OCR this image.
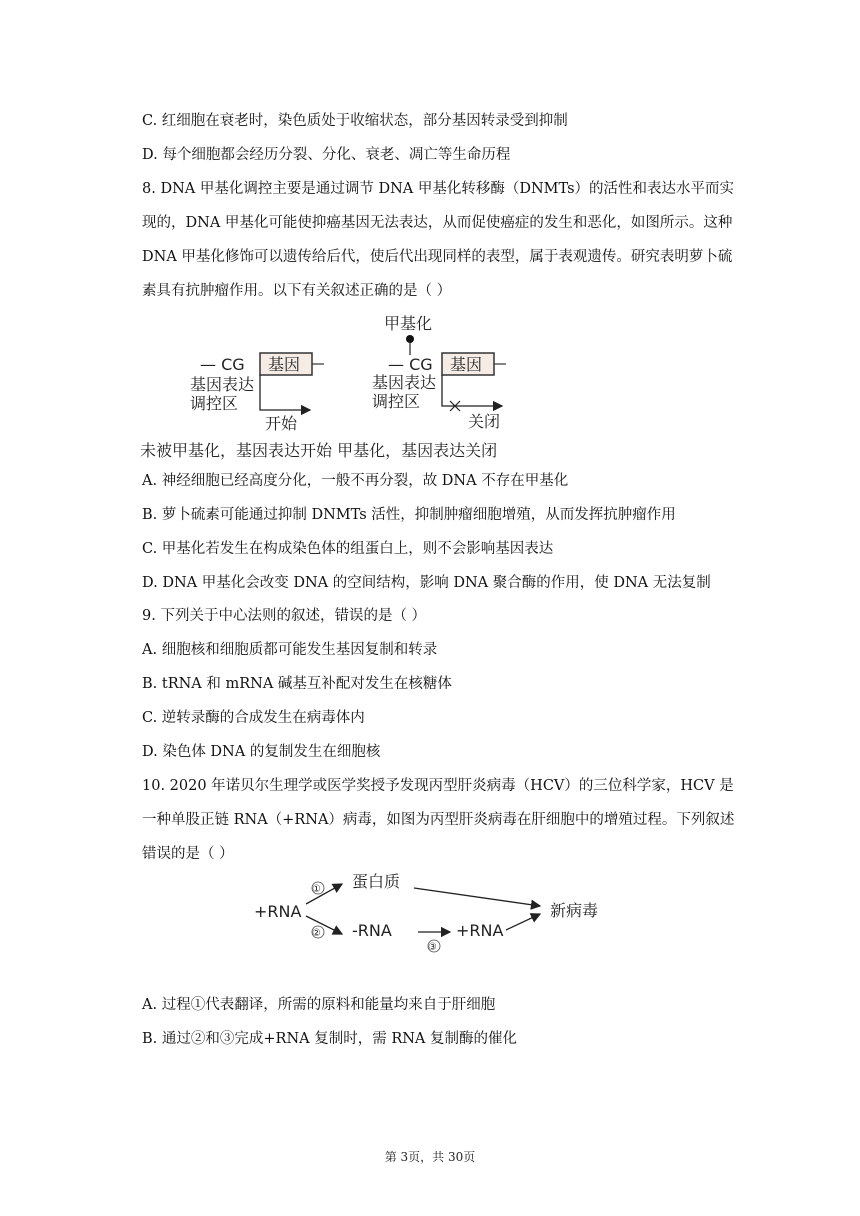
C. 红细胞在衰老时，染色质处于收缩状态，部分基因转录受到抑制
D. 每个细胞都会经历分裂、分化、衰老、凋亡等生命历程
8. DNA 甲基化调控主要是通过调节 DNA 甲基化转移酶（DNMTs）的活性和表达水平而实
现的，DNA 甲基化可能使抑癌基因无法表达，从而促使癌症的发生和恶化，如图所示。这种
DNA 甲基化修饰可以遗传给后代，使后代出现同样的表型，属于表观遗传。研究表明萝卜硫
素具有抗肿瘤作用。以下有关叙述正确的是（ ）
— CG 基因
基因表达
调控区
开始
甲基化
— CG 基因
基因表达
调控区
关闭
未被甲基化，基因表达开始 甲基化，基因表达关闭
A. 神经细胞已经高度分化，一般不再分裂，故 DNA 不存在甲基化
B. 萝卜硫素可能通过抑制 DNMTs 活性，抑制肿瘤细胞增殖，从而发挥抗肿瘤作用
C. 甲基化若发生在构成染色体的组蛋白上，则不会影响基因表达
D. DNA 甲基化会改变 DNA 的空间结构，影响 DNA 聚合酶的作用，使 DNA 无法复制
9. 下列关于中心法则的叙述，错误的是（ ）
A. 细胞核和细胞质都可能发生基因复制和转录
B. tRNA 和 mRNA 碱基互补配对发生在核糖体
C. 逆转录酶的合成发生在病毒体内
D. 染色体 DNA 的复制发生在细胞核
10. 2020 年诺贝尔生理学或医学奖授予发现丙型肝炎病毒（HCV）的三位科学家，HCV 是
一种单股正链 RNA（+RNA）病毒，如图为丙型肝炎病毒在肝细胞中的增殖过程。下列叙述
错误的是（ ）
+RNA
①
②
蛋白质
-RNA
③
+RNA
新病毒
A. 过程①代表翻译，所需的原料和能量均来自于肝细胞
B. 通过②和③完成+RNA 复制时，需 RNA 复制酶的催化
第 3页，共 30页
